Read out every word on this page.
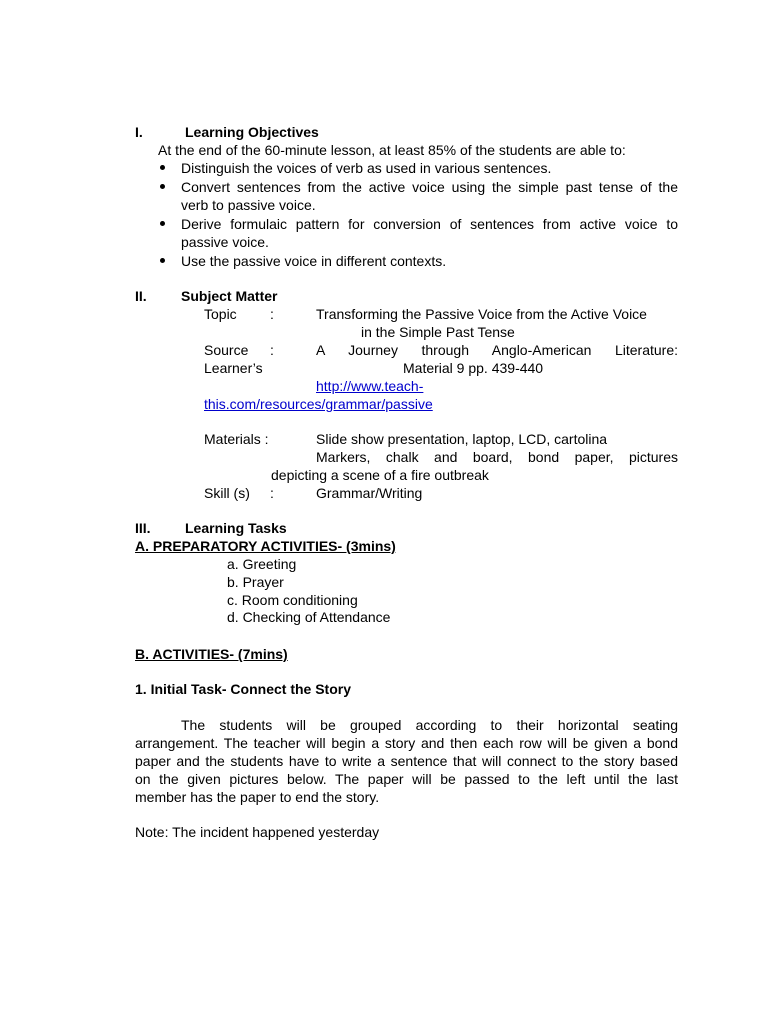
I.	Learning Objectives
At the end of the 60-minute lesson, at least 85% of the students are able to:
Distinguish the voices of verb as used in various sentences.
Convert sentences from the active voice using the simple past tense of the
verb to passive voice.
Derive formulaic pattern for conversion of sentences from active voice to
passive voice.
Use the passive voice in different contexts.
II. Subject Matter
Topic :	Transforming the Passive Voice from the Active Voice
in the Simple Past Tense
Source :	A Journey through Anglo-American Literature:
Learner’s	Material 9 pp. 439-440
http://www.teach-
this.com/resources/grammar/passive
Materials :	Slide show presentation, laptop, LCD, cartolina
Markers, chalk and board, bond paper, pictures
depicting a scene of a fire outbreak
Skill (s) :	Grammar/Writing
III. Learning Tasks
A. PREPARATORY ACTIVITIES- (3mins)
a. Greeting
b. Prayer
c. Room conditioning
d. Checking of Attendance
B. ACTIVITIES- (7mins)
1. Initial Task- Connect the Story
The students will be grouped according to their horizontal seating
arrangement. The teacher will begin a story and then each row will be given a bond
paper and the students have to write a sentence that will connect to the story based
on the given pictures below. The paper will be passed to the left until the last
member has the paper to end the story.
Note: The incident happened yesterday
